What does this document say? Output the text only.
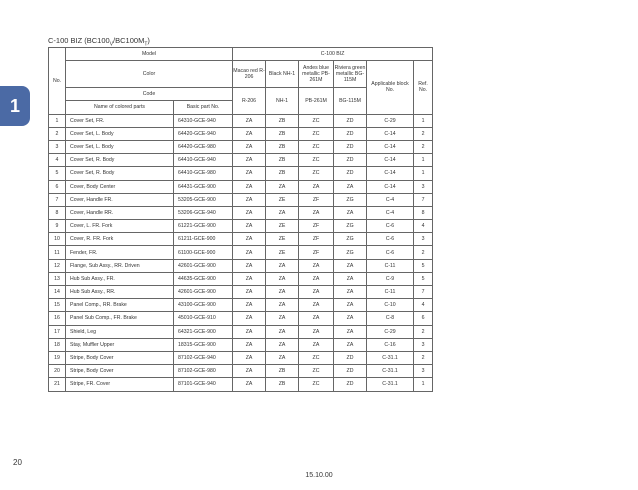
1
C-100 BIZ $(BC100_V/BC100M_T)$
No.	Model		C-100 BIZ					
	Color		Macao red R-206	Black NH-1	Andes blue metallic PB-261M	Riviera green metallic BG-115M	Applicable block No.	Ref. No.
	Code		R-206	NH-1	PB-261M	BG-115M		
	Name of colored parts	Basic part No.						
1	Cover Set, FR.	64310-GCE-940	ZA	ZB	ZC	ZD	C-29	1
2	Cover Set, L. Body	64420-GCE-940	ZA	ZB	ZC	ZD	C-14	2
3	Cover Set, L. Body	64420-GCE-980	ZA	ZB	ZC	ZD	C-14	2
4	Cover Set, R. Body	64410-GCE-940	ZA	ZB	ZC	ZD	C-14	1
5	Cover Set, R. Body	64410-GCE-980	ZA	ZB	ZC	ZD	C-14	1
6	Cover, Body Center	64431-GCE-900	ZA	ZA	ZA	ZA	C-14	3
7	Cover, Handle FR.	53205-GCE-900	ZA	ZE	ZF	ZG	C-4	7
8	Cover, Handle RR.	53206-GCE-940	ZA	ZA	ZA	ZA	C-4	8
9	Cover, L. FR. Fork	61221-GCE-900	ZA	ZE	ZF	ZG	C-6	4
10	Cover, R. FR. Fork	61211-GCE-900	ZA	ZE	ZF	ZG	C-6	3
11	Fender, FR.	61100-GCE-900	ZA	ZE	ZF	ZG	C-6	2
12	Flange, Sub Assy., RR. Driven	42601-GCE-900	ZA	ZA	ZA	ZA	C-11	5
13	Hub Sub Assy., FR.	44635-GCE-900	ZA	ZA	ZA	ZA	C-9	5
14	Hub Sub Assy., RR.	42601-GCE-900	ZA	ZA	ZA	ZA	C-11	7
15	Panel Comp., RR. Brake	43100-GCE-900	ZA	ZA	ZA	ZA	C-10	4
16	Panel Sub Comp., FR. Brake	45010-GCE-910	ZA	ZA	ZA	ZA	C-8	6
17	Shield, Leg	64321-GCE-900	ZA	ZA	ZA	ZA	C-29	2
18	Stay, Muffler Upper	18315-GCE-900	ZA	ZA	ZA	ZA	C-16	3
19	Stripe, Body Cover	87102-GCE-940	ZA	ZA	ZC	ZD	C-31.1	2
20	Stripe, Body Cover	87102-GCE-980	ZA	ZB	ZC	ZD	C-31.1	3
21	Stripe, FR. Cover	87101-GCE-940	ZA	ZB	ZC	ZD	C-31.1	1
20
15.10.00
